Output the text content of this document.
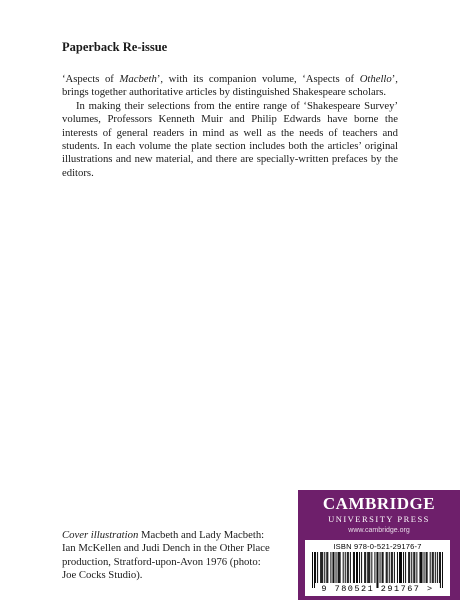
Paperback Re-issue

‘Aspects of Macbeth’, with its companion volume, ‘Aspects of Othello’, brings together authoritative articles by distinguished Shakespeare scholars.

In making their selections from the entire range of ‘Shakespeare Survey’ volumes, Professors Kenneth Muir and Philip Edwards have borne the interests of general readers in mind as well as the needs of teachers and students. In each volume the plate section includes both the articles’ original illustrations and new material, and there are specially-written prefaces by the editors.

Cover illustration Macbeth and Lady Macbeth: Ian McKellen and Judi Dench in the Other Place production, Stratford-upon-Avon 1976 (photo: Joe Cocks Studio).
CAMBRIDGE
UNIVERSITY PRESS
www.cambridge.org
ISBN 978-0-521-29176-7
9 780521 291767 >
